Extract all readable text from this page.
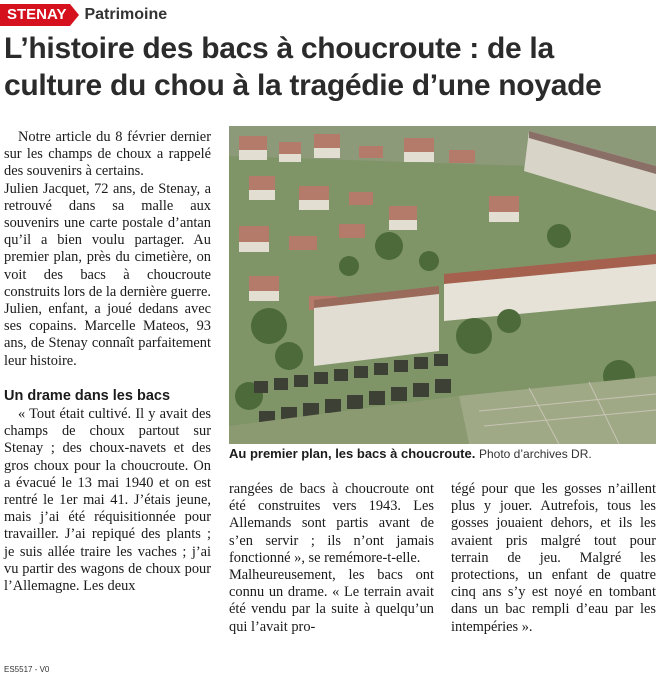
STENAY Patrimoine
L’histoire des bacs à choucroute : de la culture du chou à la tragédie d’une noyade

Notre article du 8 février dernier sur les champs de choux a rappelé des souvenirs à certains.

Julien Jacquet, 72 ans, de Stenay, a retrouvé dans sa malle aux souvenirs une carte postale d’antan qu’il a bien voulu partager. Au premier plan, près du cimetière, on voit des bacs à choucroute construits lors de la dernière guerre. Julien, enfant, a joué dedans avec ses copains. Marcelle Mateos, 93 ans, de Stenay connaît parfaitement leur histoire.

Un drame dans les bacs

« Tout était cultivé. Il y avait des champs de choux partout sur Stenay ; des choux-navets et des gros choux pour la choucroute. On a évacué le 13 mai 1940 et on est rentré le 1er mai 41. J’étais jeune, mais j’ai été réquisitionnée pour travailler. J’ai repiqué des plants ; je suis allée traire les vaches ; j’ai vu partir des wagons de choux pour l’Allemagne. Les deux

Au premier plan, les bacs à choucroute. Photo d’archives DR.

rangées de bacs à choucroute ont été construites vers 1943. Les Allemands sont partis avant de s’en servir ; ils n’ont jamais fonctionné », se remémore-t-elle.

Malheureusement, les bacs ont connu un drame. « Le terrain avait été vendu par la suite à quelqu’un qui l’avait pro-

tégé pour que les gosses n’aillent plus y jouer. Autrefois, tous les gosses jouaient dehors, et ils les avaient pris malgré tout pour terrain de jeu. Malgré les protections, un enfant de quatre cinq ans s’y est noyé en tombant dans un bac rempli d’eau par les intempéries ».

ES5517 - V0
